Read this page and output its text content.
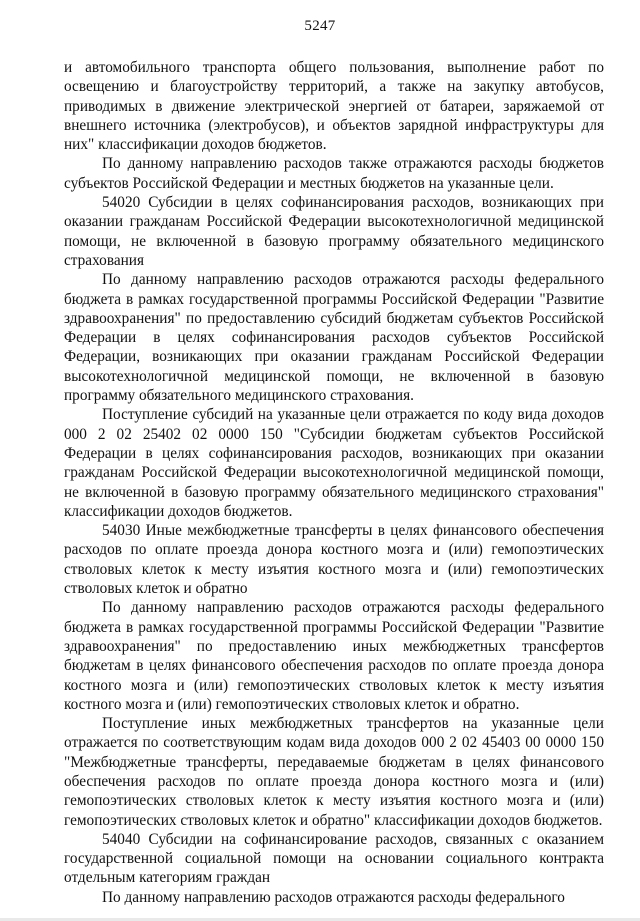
5247

и автомобильного транспорта общего пользования, выполнение работ по освещению и благоустройству территорий, а также на закупку автобусов, приводимых в движение электрической энергией от батареи, заряжаемой от внешнего источника (электробусов), и объектов зарядной инфраструктуры для них" классификации доходов бюджетов.

По данному направлению расходов также отражаются расходы бюджетов субъектов Российской Федерации и местных бюджетов на указанные цели.

54020 Субсидии в целях софинансирования расходов, возникающих при оказании гражданам Российской Федерации высокотехнологичной медицинской помощи, не включенной в базовую программу обязательного медицинского страхования

По данному направлению расходов отражаются расходы федерального бюджета в рамках государственной программы Российской Федерации "Развитие здравоохранения" по предоставлению субсидий бюджетам субъектов Российской Федерации в целях софинансирования расходов субъектов Российской Федерации, возникающих при оказании гражданам Российской Федерации высокотехнологичной медицинской помощи, не включенной в базовую программу обязательного медицинского страхования.

Поступление субсидий на указанные цели отражается по коду вида доходов 000 2 02 25402 02 0000 150 "Субсидии бюджетам субъектов Российской Федерации в целях софинансирования расходов, возникающих при оказании гражданам Российской Федерации высокотехнологичной медицинской помощи, не включенной в базовую программу обязательного медицинского страхования" классификации доходов бюджетов.

54030 Иные межбюджетные трансферты в целях финансового обеспечения расходов по оплате проезда донора костного мозга и (или) гемопоэтических стволовых клеток к месту изъятия костного мозга и (или) гемопоэтических стволовых клеток и обратно

По данному направлению расходов отражаются расходы федерального бюджета в рамках государственной программы Российской Федерации "Развитие здравоохранения" по предоставлению иных межбюджетных трансфертов бюджетам в целях финансового обеспечения расходов по оплате проезда донора костного мозга и (или) гемопоэтических стволовых клеток к месту изъятия костного мозга и (или) гемопоэтических стволовых клеток и обратно.

Поступление иных межбюджетных трансфертов на указанные цели отражается по соответствующим кодам вида доходов 000 2 02 45403 00 0000 150 "Межбюджетные трансферты, передаваемые бюджетам в целях финансового обеспечения расходов по оплате проезда донора костного мозга и (или) гемопоэтических стволовых клеток к месту изъятия костного мозга и (или) гемопоэтических стволовых клеток и обратно" классификации доходов бюджетов.

54040 Субсидии на софинансирование расходов, связанных с оказанием государственной социальной помощи на основании социального контракта отдельным категориям граждан

По данному направлению расходов отражаются расходы федерального
